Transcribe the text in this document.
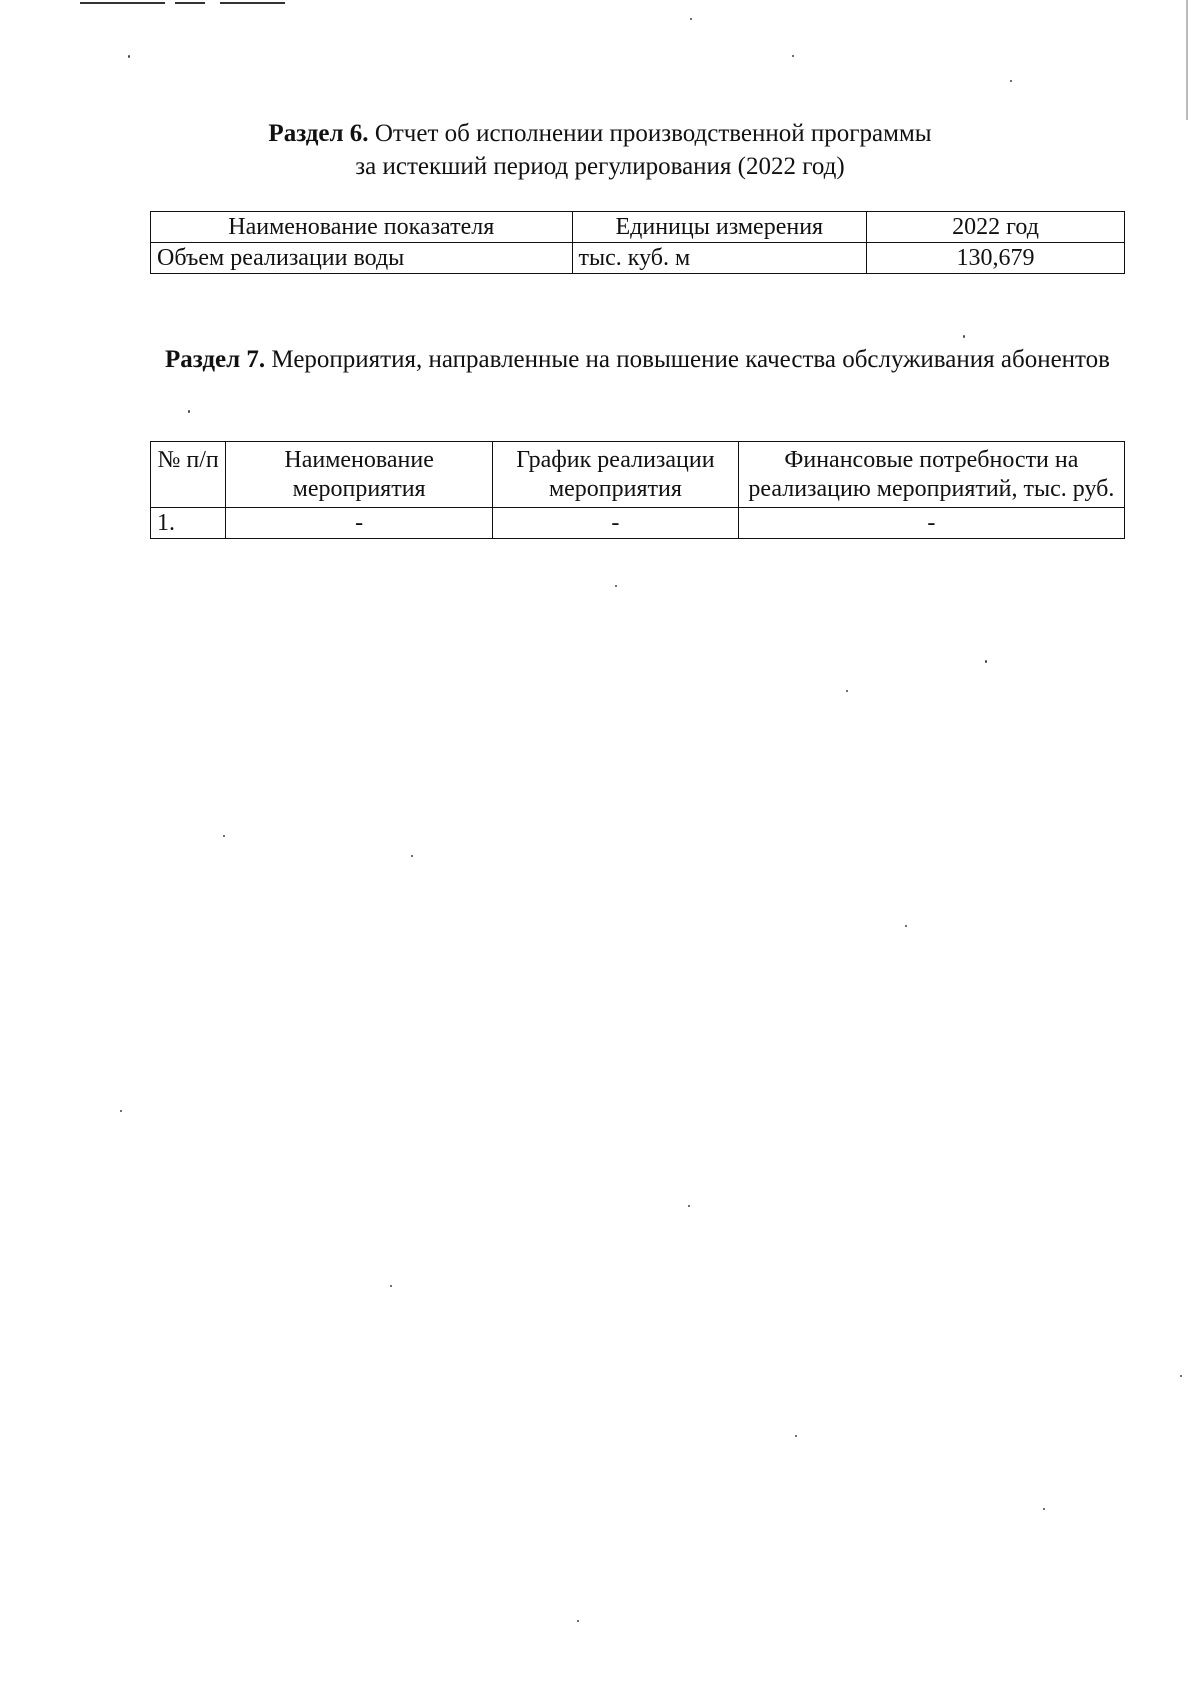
Раздел 6. Отчет об исполнении производственной программы
за истекший период регулирования (2022 год)
Наименование показателя	Единицы измерения	2022 год
Объем реализации воды	тыс. куб. м	130,679
Раздел 7. Мероприятия, направленные на повышение качества обслуживания абонентов
№ п/п	Наименование мероприятия	График реализации мероприятия	Финансовые потребности на реализацию мероприятий, тыс. руб.
1.	-	-	-
